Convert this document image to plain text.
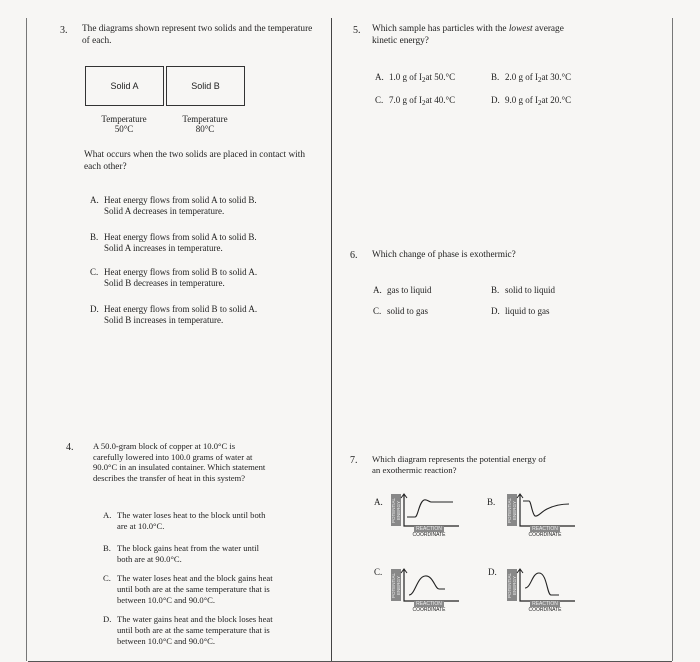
3. The diagrams shown represent two solids and the temperature of each.
Solid A	Solid B
Temperature
50°C
Temperature
80°C
What occurs when the two solids are placed in contact with each other?
A. Heat energy flows from solid A to solid B.
Solid A decreases in temperature.
B. Heat energy flows from solid A to solid B.
Solid A increases in temperature.
C. Heat energy flows from solid B to solid A.
Solid B decreases in temperature.
D. Heat energy flows from solid B to solid A.
Solid B increases in temperature.
4. A 50.0-gram block of copper at 10.0°C is
carefully lowered into 100.0 grams of water at
90.0°C in an insulated container. Which statement
describes the transfer of heat in this system?
A. The water loses heat to the block until both
are at 10.0°C.
B. The block gains heat from the water until
both are at 90.0°C.
C. The water loses heat and the block gains heat
until both are at the same temperature that is
between 10.0°C and 90.0°C.
D. The water gains heat and the block loses heat
until both are at the same temperature that is
between 10.0°C and 90.0°C.
5. Which sample has particles with the lowest average
kinetic energy?
A. 1.0 g of $I_2at$ 50.°C	B. 2.0 g of $I_2at$ 30.°C
C. 7.0 g of $I_2at$ 40.°C	D. 9.0 g of $I_2at$ 20.°C
6. Which change of phase is exothermic?
A. gas to liquid	B. solid to liquid
C. solid to gas	D. liquid to gas
7. Which diagram represents the potential energy of
an exothermic reaction?
A. POTENTIAL ENERGY
REACTION
COORDINATE
B.	POTENTIAL ENERGY
REACTION
COORDINATE
C.
POTENTIAL ENERGY
REACTION
COORDINATE
D.
POTENTIAL ENERGY
REACTION
COORDINATE
